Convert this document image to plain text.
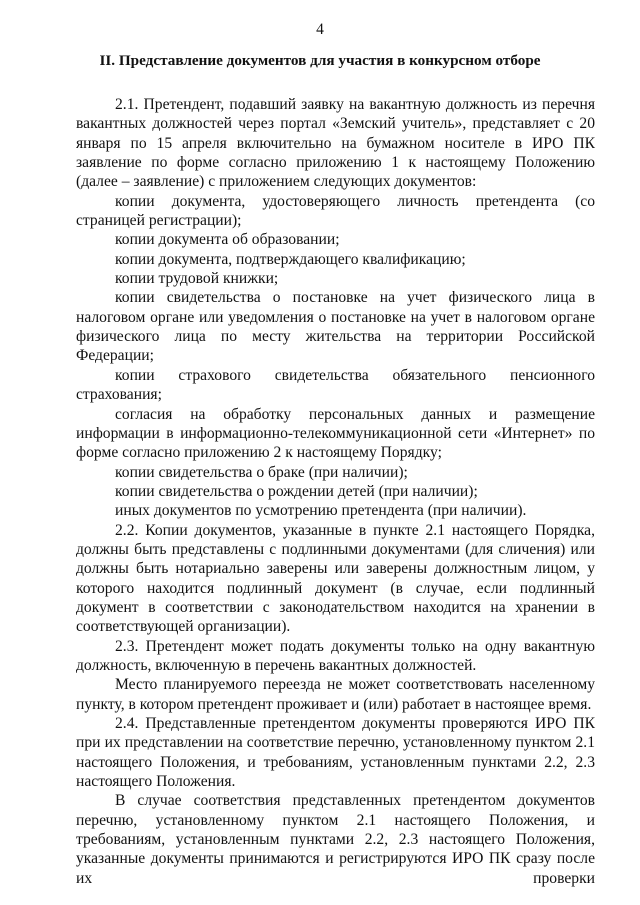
4
II. Представление документов для участия в конкурсном отборе

2.1. Претендент, подавший заявку на вакантную должность из перечня вакантных должностей через портал «Земский учитель», представляет с 20 января по 15 апреля включительно на бумажном носителе в ИРО ПК заявление по форме согласно приложению 1 к настоящему Положению (далее – заявление) с приложением следующих документов:

копии документа, удостоверяющего личность претендента (со страницей регистрации);

копии документа об образовании;

копии документа, подтверждающего квалификацию;

копии трудовой книжки;

копии свидетельства о постановке на учет физического лица в налоговом органе или уведомления о постановке на учет в налоговом органе физического лица по месту жительства на территории Российской Федерации;

копии страхового свидетельства обязательного пенсионного страхования;

согласия на обработку персональных данных и размещение информации в информационно-телекоммуникационной сети «Интернет» по форме согласно приложению 2 к настоящему Порядку;

копии свидетельства о браке (при наличии);

копии свидетельства о рождении детей (при наличии);

иных документов по усмотрению претендента (при наличии).

2.2. Копии документов, указанные в пункте 2.1 настоящего Порядка, должны быть представлены с подлинными документами (для сличения) или должны быть нотариально заверены или заверены должностным лицом, у которого находится подлинный документ (в случае, если подлинный документ в соответствии с законодательством находится на хранении в соответствующей организации).

2.3. Претендент может подать документы только на одну вакантную должность, включенную в перечень вакантных должностей.

Место планируемого переезда не может соответствовать населенному пункту, в котором претендент проживает и (или) работает в настоящее время.

2.4. Представленные претендентом документы проверяются ИРО ПК при их представлении на соответствие перечню, установленному пунктом 2.1 настоящего Положения, и требованиям, установленным пунктами 2.2, 2.3 настоящего Положения.

В случае соответствия представленных претендентом документов перечню, установленному пунктом 2.1 настоящего Положения, и требованиям, установленным пунктами 2.2, 2.3 настоящего Положения, указанные документы принимаются и регистрируются ИРО ПК сразу после их проверки
